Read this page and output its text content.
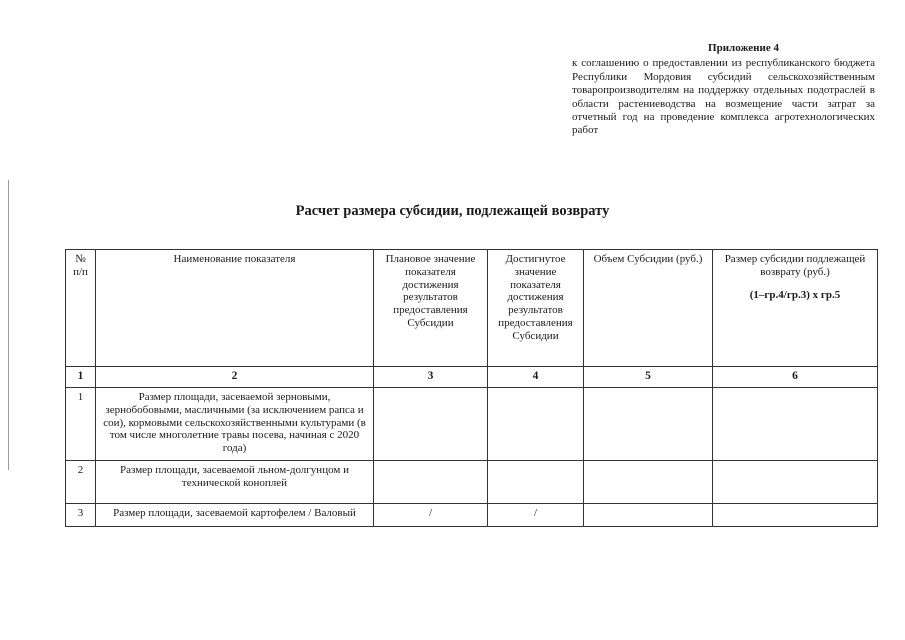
Приложение 4
к соглашению о предоставлении из республиканского бюджета Республики Мордовия субсидий сельскохозяйственным товаропроизводителям на поддержку отдельных подотраслей в области растениеводства на возмещение части затрат за отчетный год на проведение комплекса агротехнологических работ
Расчет размера субсидии, подлежащей возврату
№ п/п	Наименование показателя	Плановое значение показателя достижения результатов предоставления Субсидии	Достигнутое значение показателя достижения результатов предоставления Субсидии	Объем Субсидии (руб.)	Размер субсидии подлежащей возврату (руб.)
(1–гр.4/гр.3) x гр.5

1	2	3	4	5	6
1	Размер площади, засеваемой зерновыми, зернобобовыми, масличными (за исключением рапса и сои), кормовыми сельскохозяйственными культурами (в том числе многолетние травы посева, начиная с 2020 года)				
2	Размер площади, засеваемой льном-долгунцом и технической коноплей				
3	Размер площади, засеваемой картофелем / Валовый	/	/		
